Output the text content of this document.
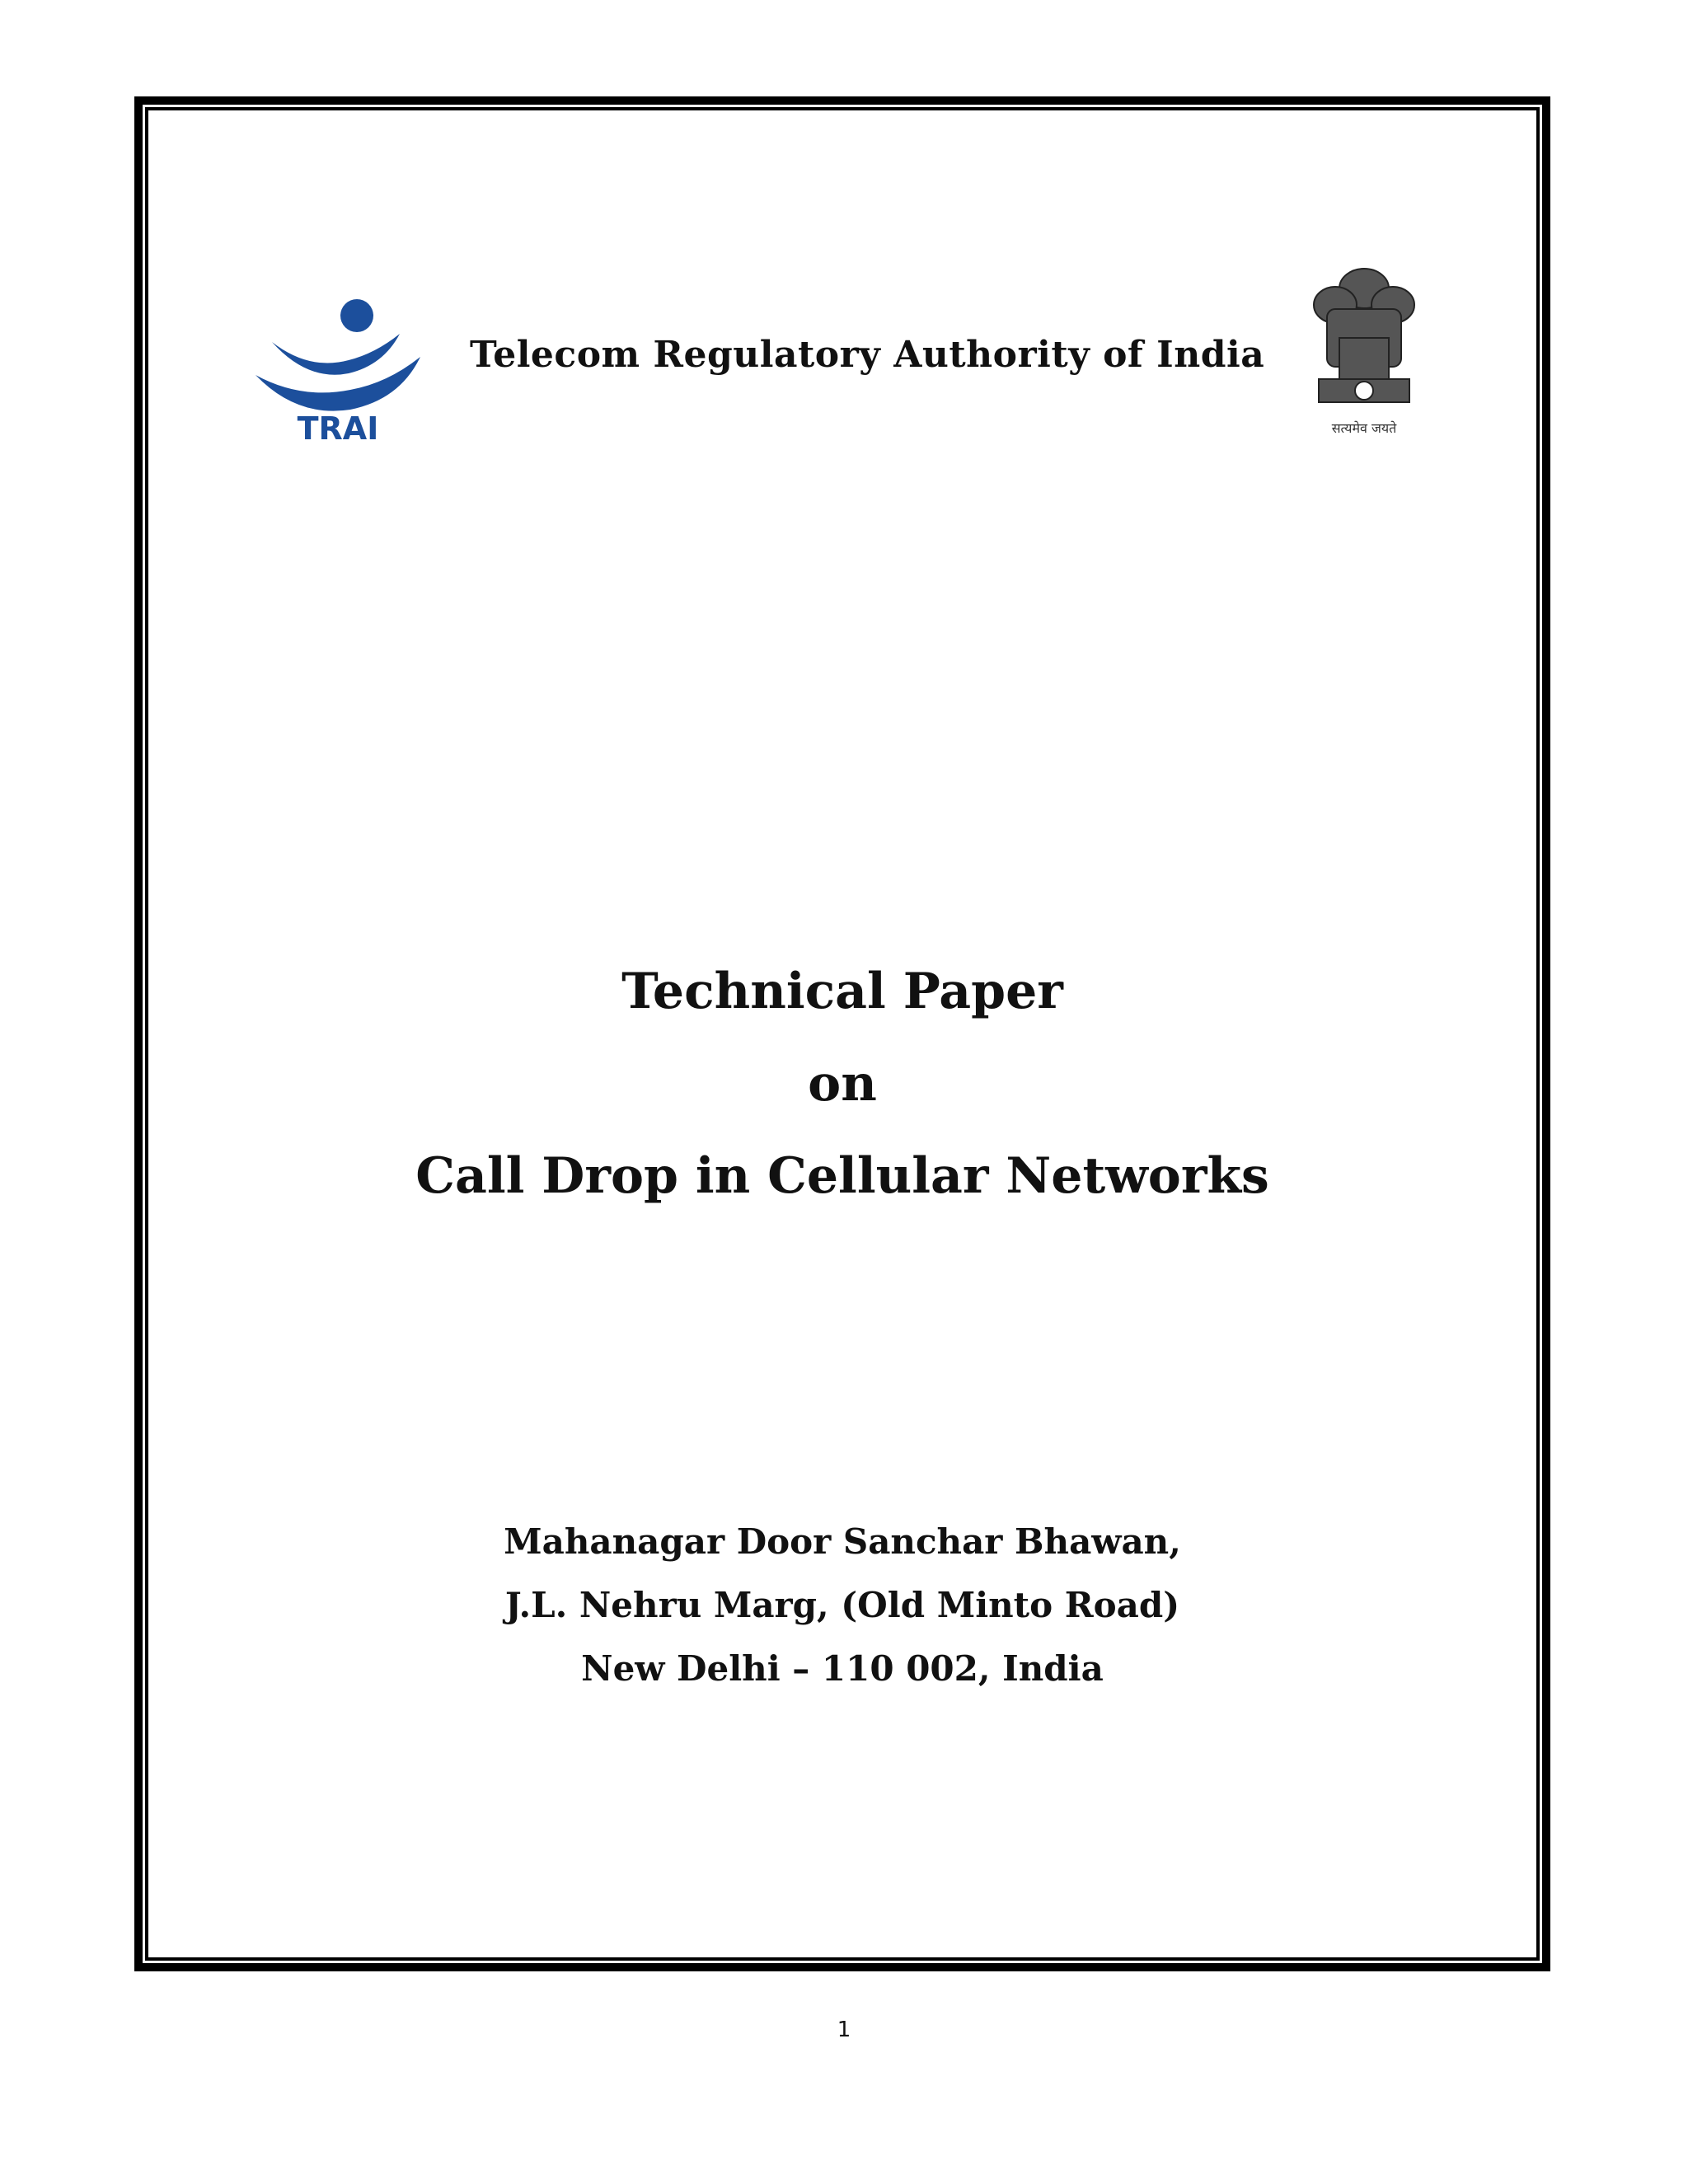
TRAI
Telecom Regulatory Authority of India
सत्यमेव जयते
Technical Paper
on
Call Drop in Cellular Networks
Mahanagar Door Sanchar Bhawan,
J.L. Nehru Marg, (Old Minto Road)
New Delhi – 110 002, India
1
